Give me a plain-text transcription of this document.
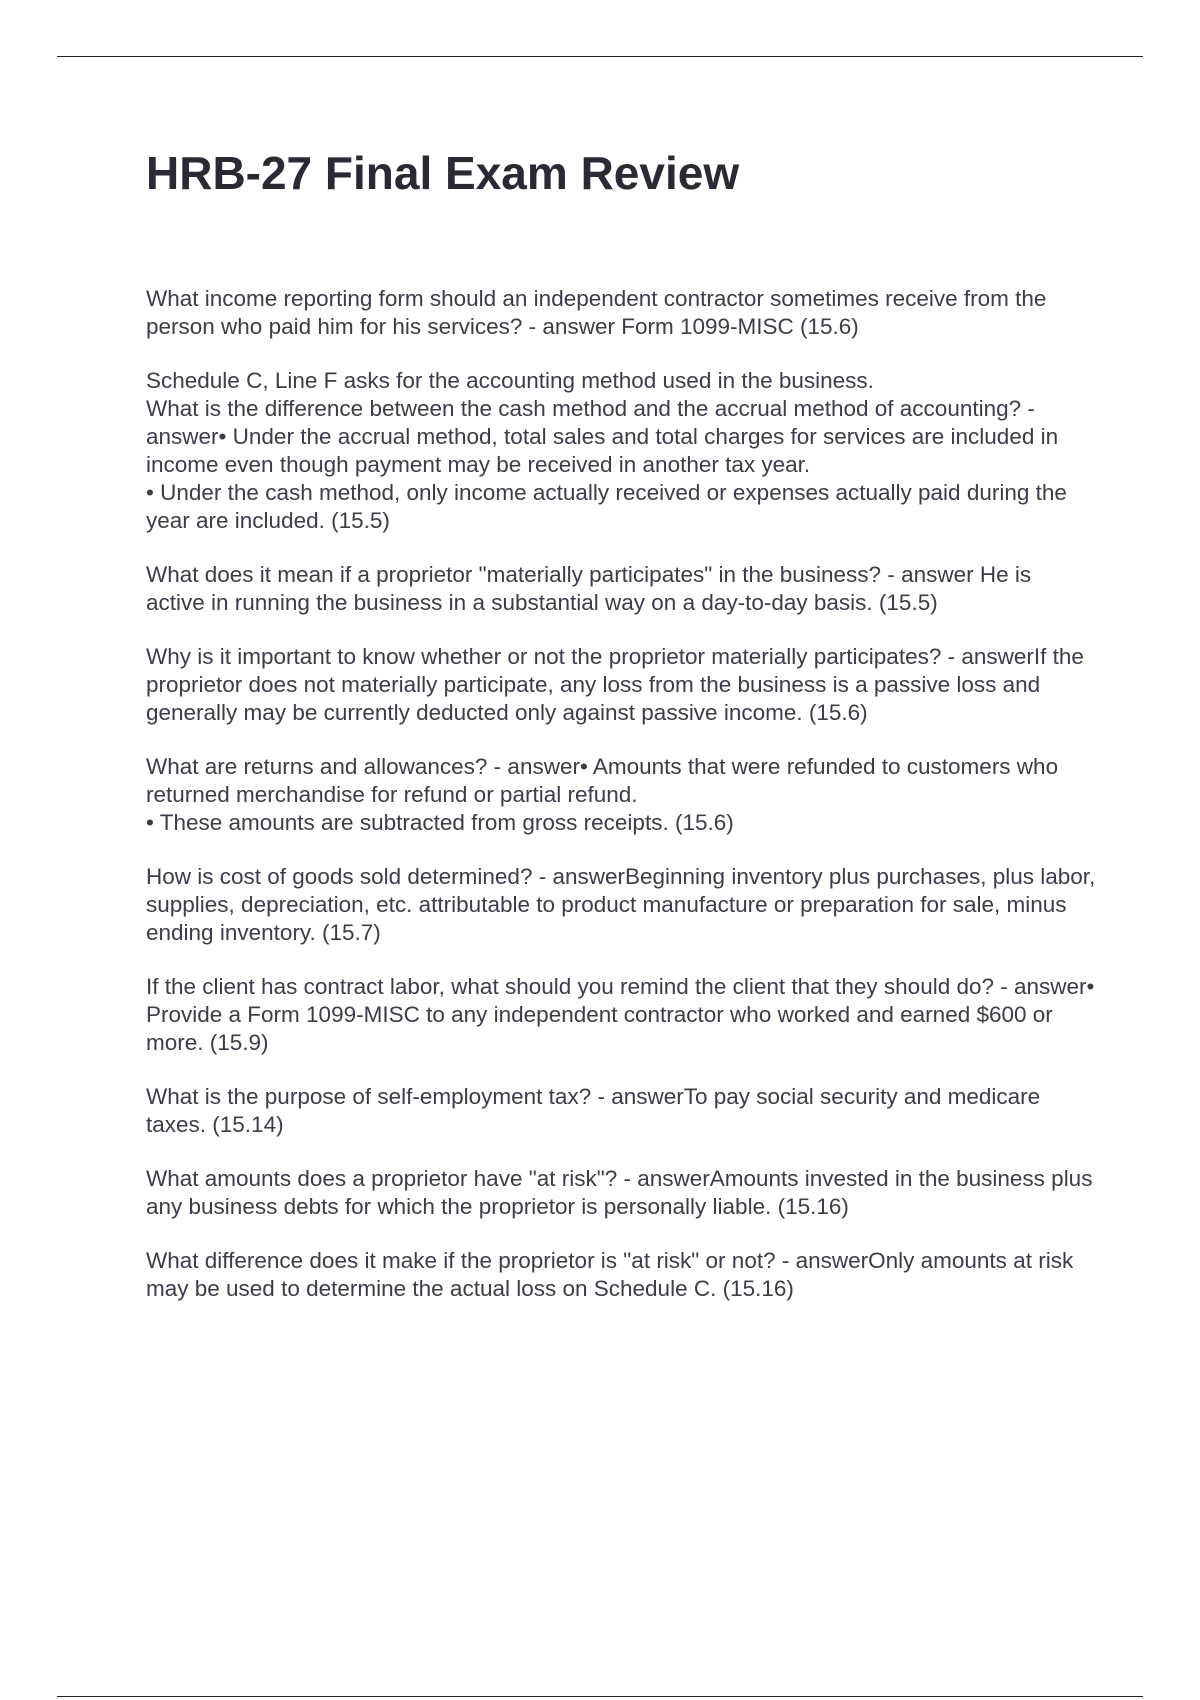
HRB-27 Final Exam Review

What income reporting form should an independent contractor sometimes receive from the person who paid him for his services? - answer Form 1099-MISC (15.6)

Schedule C, Line F asks for the accounting method used in the business.
What is the difference between the cash method and the accrual method of accounting? - answer• Under the accrual method, total sales and total charges for services are included in income even though payment may be received in another tax year.
• Under the cash method, only income actually received or expenses actually paid during the year are included. (15.5)

What does it mean if a proprietor "materially participates" in the business? - answer He is active in running the business in a substantial way on a day-to-day basis. (15.5)

Why is it important to know whether or not the proprietor materially participates? - answerIf the proprietor does not materially participate, any loss from the business is a passive loss and generally may be currently deducted only against passive income. (15.6)

What are returns and allowances? - answer• Amounts that were refunded to customers who returned merchandise for refund or partial refund.
• These amounts are subtracted from gross receipts. (15.6)

How is cost of goods sold determined? - answerBeginning inventory plus purchases, plus labor, supplies, depreciation, etc. attributable to product manufacture or preparation for sale, minus ending inventory. (15.7)

If the client has contract labor, what should you remind the client that they should do? - answer• Provide a Form 1099-MISC to any independent contractor who worked and earned $600 or more. (15.9)

What is the purpose of self-employment tax? - answerTo pay social security and medicare taxes. (15.14)

What amounts does a proprietor have "at risk"? - answerAmounts invested in the business plus any business debts for which the proprietor is personally liable. (15.16)

What difference does it make if the proprietor is "at risk" or not? - answerOnly amounts at risk may be used to determine the actual loss on Schedule C. (15.16)
